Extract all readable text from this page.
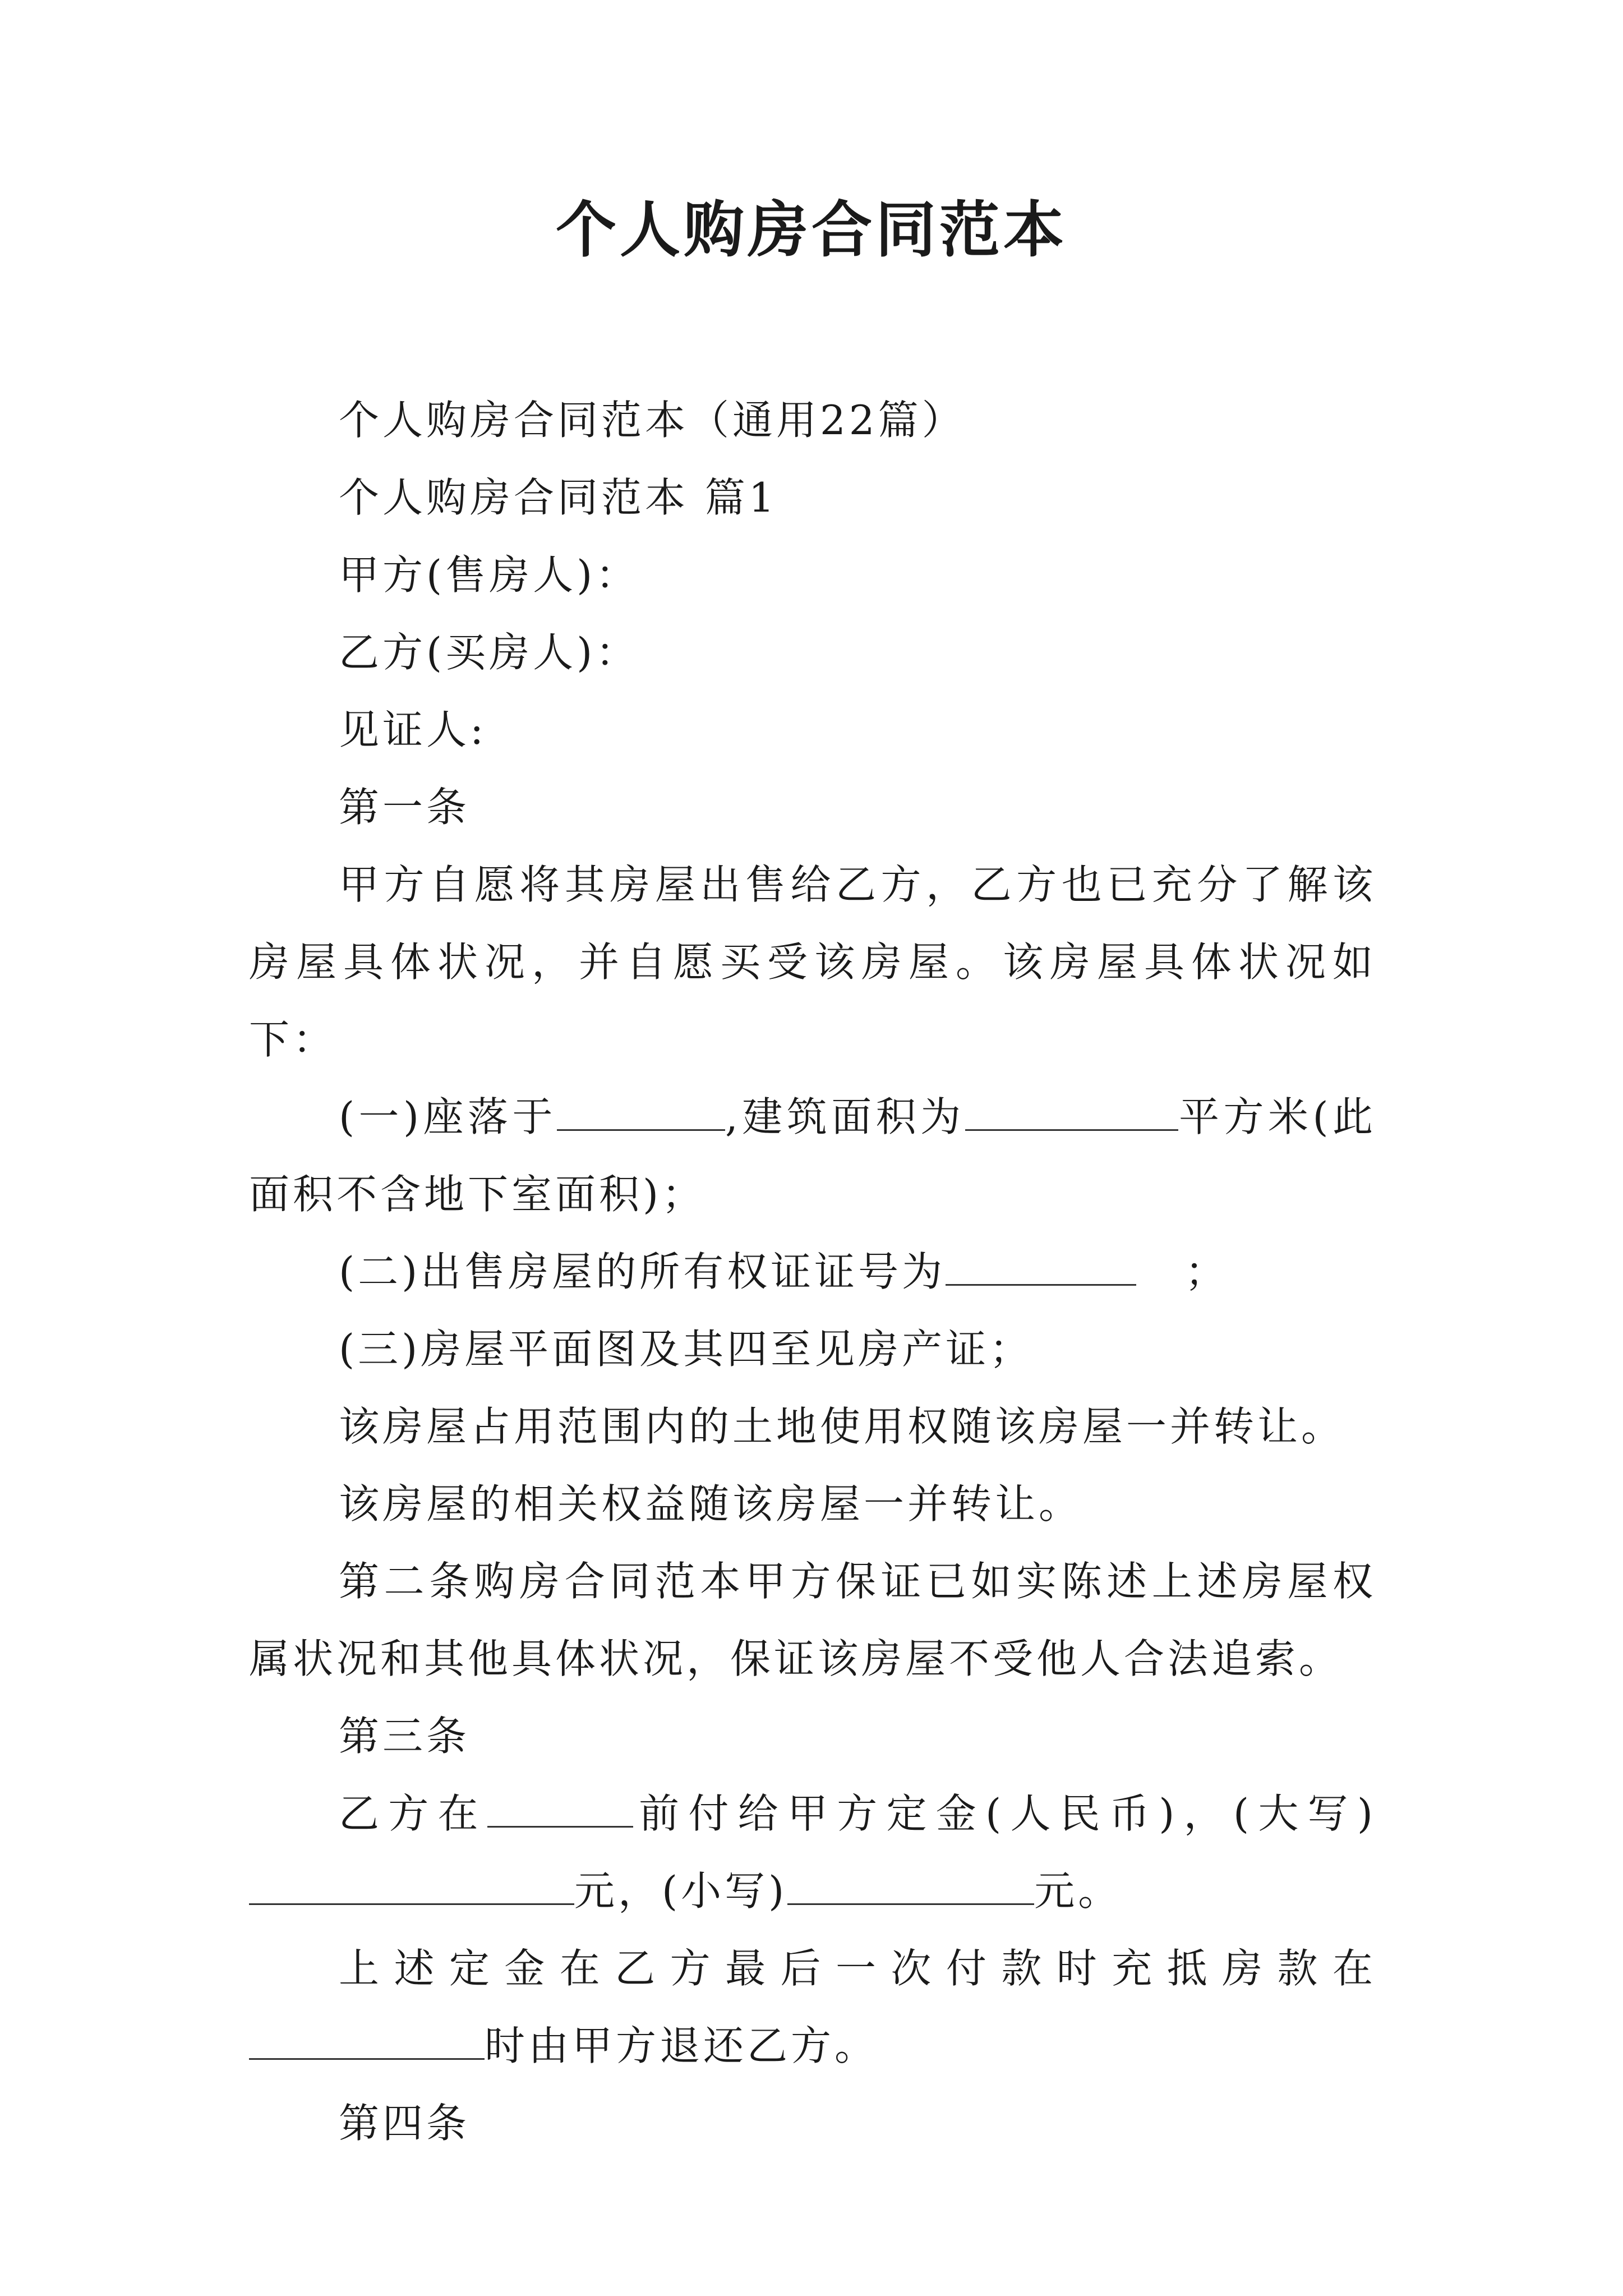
个人购房合同范本

个人购房合同范本（通用22篇）

个人购房合同范本 篇1

甲方(售房人)：

乙方(买房人)：

见证人:

第一条

甲方自愿将其房屋出售给乙方，乙方也已充分了解该房屋具体状况，并自愿买受该房屋。该房屋具体状况如下：

(一)座落于	,建筑面积为	平方米(此面积不含地下室面积)；

(二)出售房屋的所有权证证号为	；

(三)房屋平面图及其四至见房产证；

该房屋占用范围内的土地使用权随该房屋一并转让。

该房屋的相关权益随该房屋一并转让。

第二条购房合同范本甲方保证已如实陈述上述房屋权属状况和其他具体状况，保证该房屋不受他人合法追索。

第三条

乙方在	前付给甲方定金(人民币)，(大写)元，(小写)	元。

上述定金在乙方最后一次付款时充抵房款在时由甲方退还乙方。

第四条
